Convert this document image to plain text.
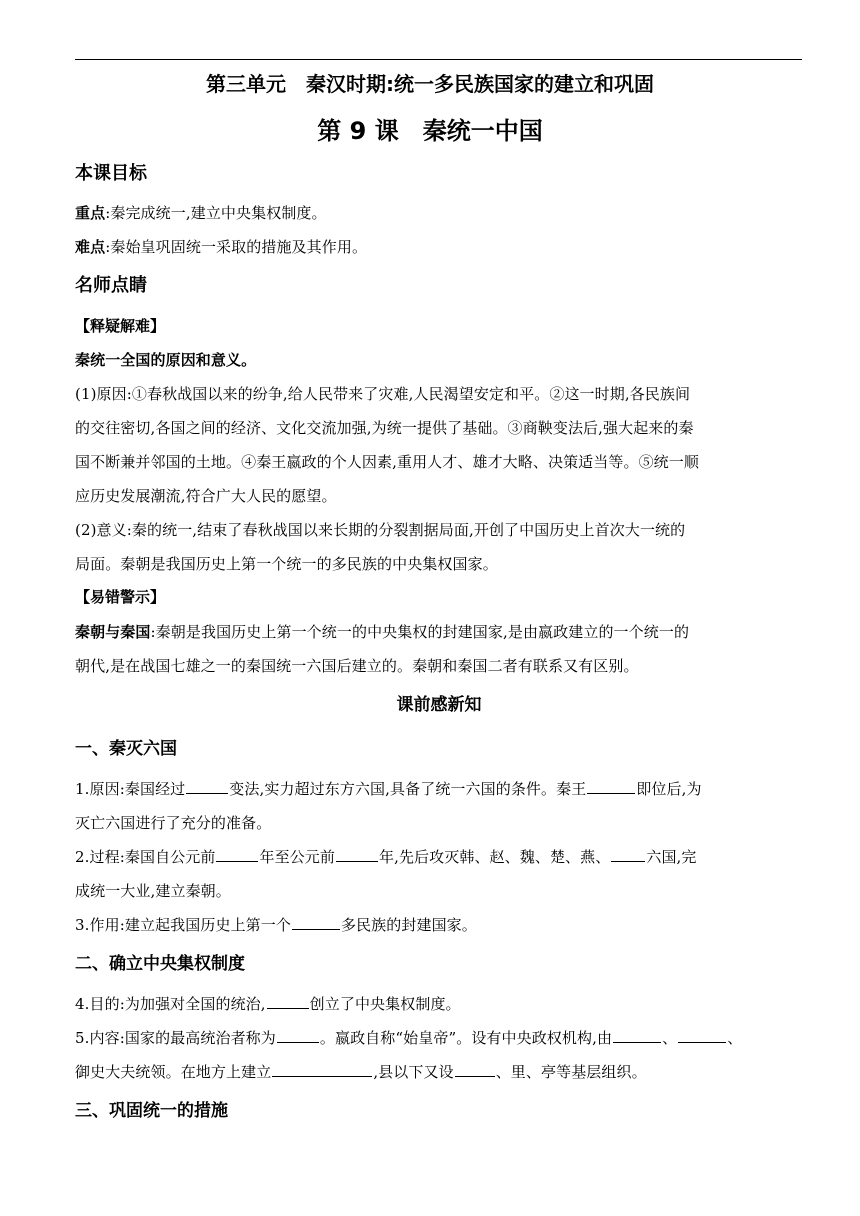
第三单元　秦汉时期:统一多民族国家的建立和巩固
第 9 课　秦统一中国
本课目标
重点:秦完成统一,建立中央集权制度。
难点:秦始皇巩固统一采取的措施及其作用。
名师点睛
【释疑解难】
秦统一全国的原因和意义。
(1)原因:①春秋战国以来的纷争,给人民带来了灾难,人民渴望安定和平。②这一时期,各民族间
的交往密切,各国之间的经济、文化交流加强,为统一提供了基础。③商鞅变法后,强大起来的秦
国不断兼并邻国的土地。④秦王嬴政的个人因素,重用人才、雄才大略、决策适当等。⑤统一顺
应历史发展潮流,符合广大人民的愿望。
(2)意义:秦的统一,结束了春秋战国以来长期的分裂割据局面,开创了中国历史上首次大一统的
局面。秦朝是我国历史上第一个统一的多民族的中央集权国家。
【易错警示】
秦朝与秦国:秦朝是我国历史上第一个统一的中央集权的封建国家,是由嬴政建立的一个统一的
朝代,是在战国七雄之一的秦国统一六国后建立的。秦朝和秦国二者有联系又有区别。
课前感新知
一、秦灭六国
1.原因:秦国经过	变法,实力超过东方六国,具备了统一六国的条件。秦王	即位后,为
灭亡六国进行了充分的准备。
2.过程:秦国自公元前	年至公元前	年,先后攻灭韩、赵、魏、楚、燕、 六国,完
成统一大业,建立秦朝。
3.作用:建立起我国历史上第一个	多民族的封建国家。
二、确立中央集权制度
4.目的:为加强对全国的统治,	创立了中央集权制度。
5.内容:国家的最高统治者称为	。嬴政自称“始皇帝”。设有中央政权机构,由	、	、
御史大夫统领。在地方上建立	,县以下又设	、里、亭等基层组织。
三、巩固统一的措施
